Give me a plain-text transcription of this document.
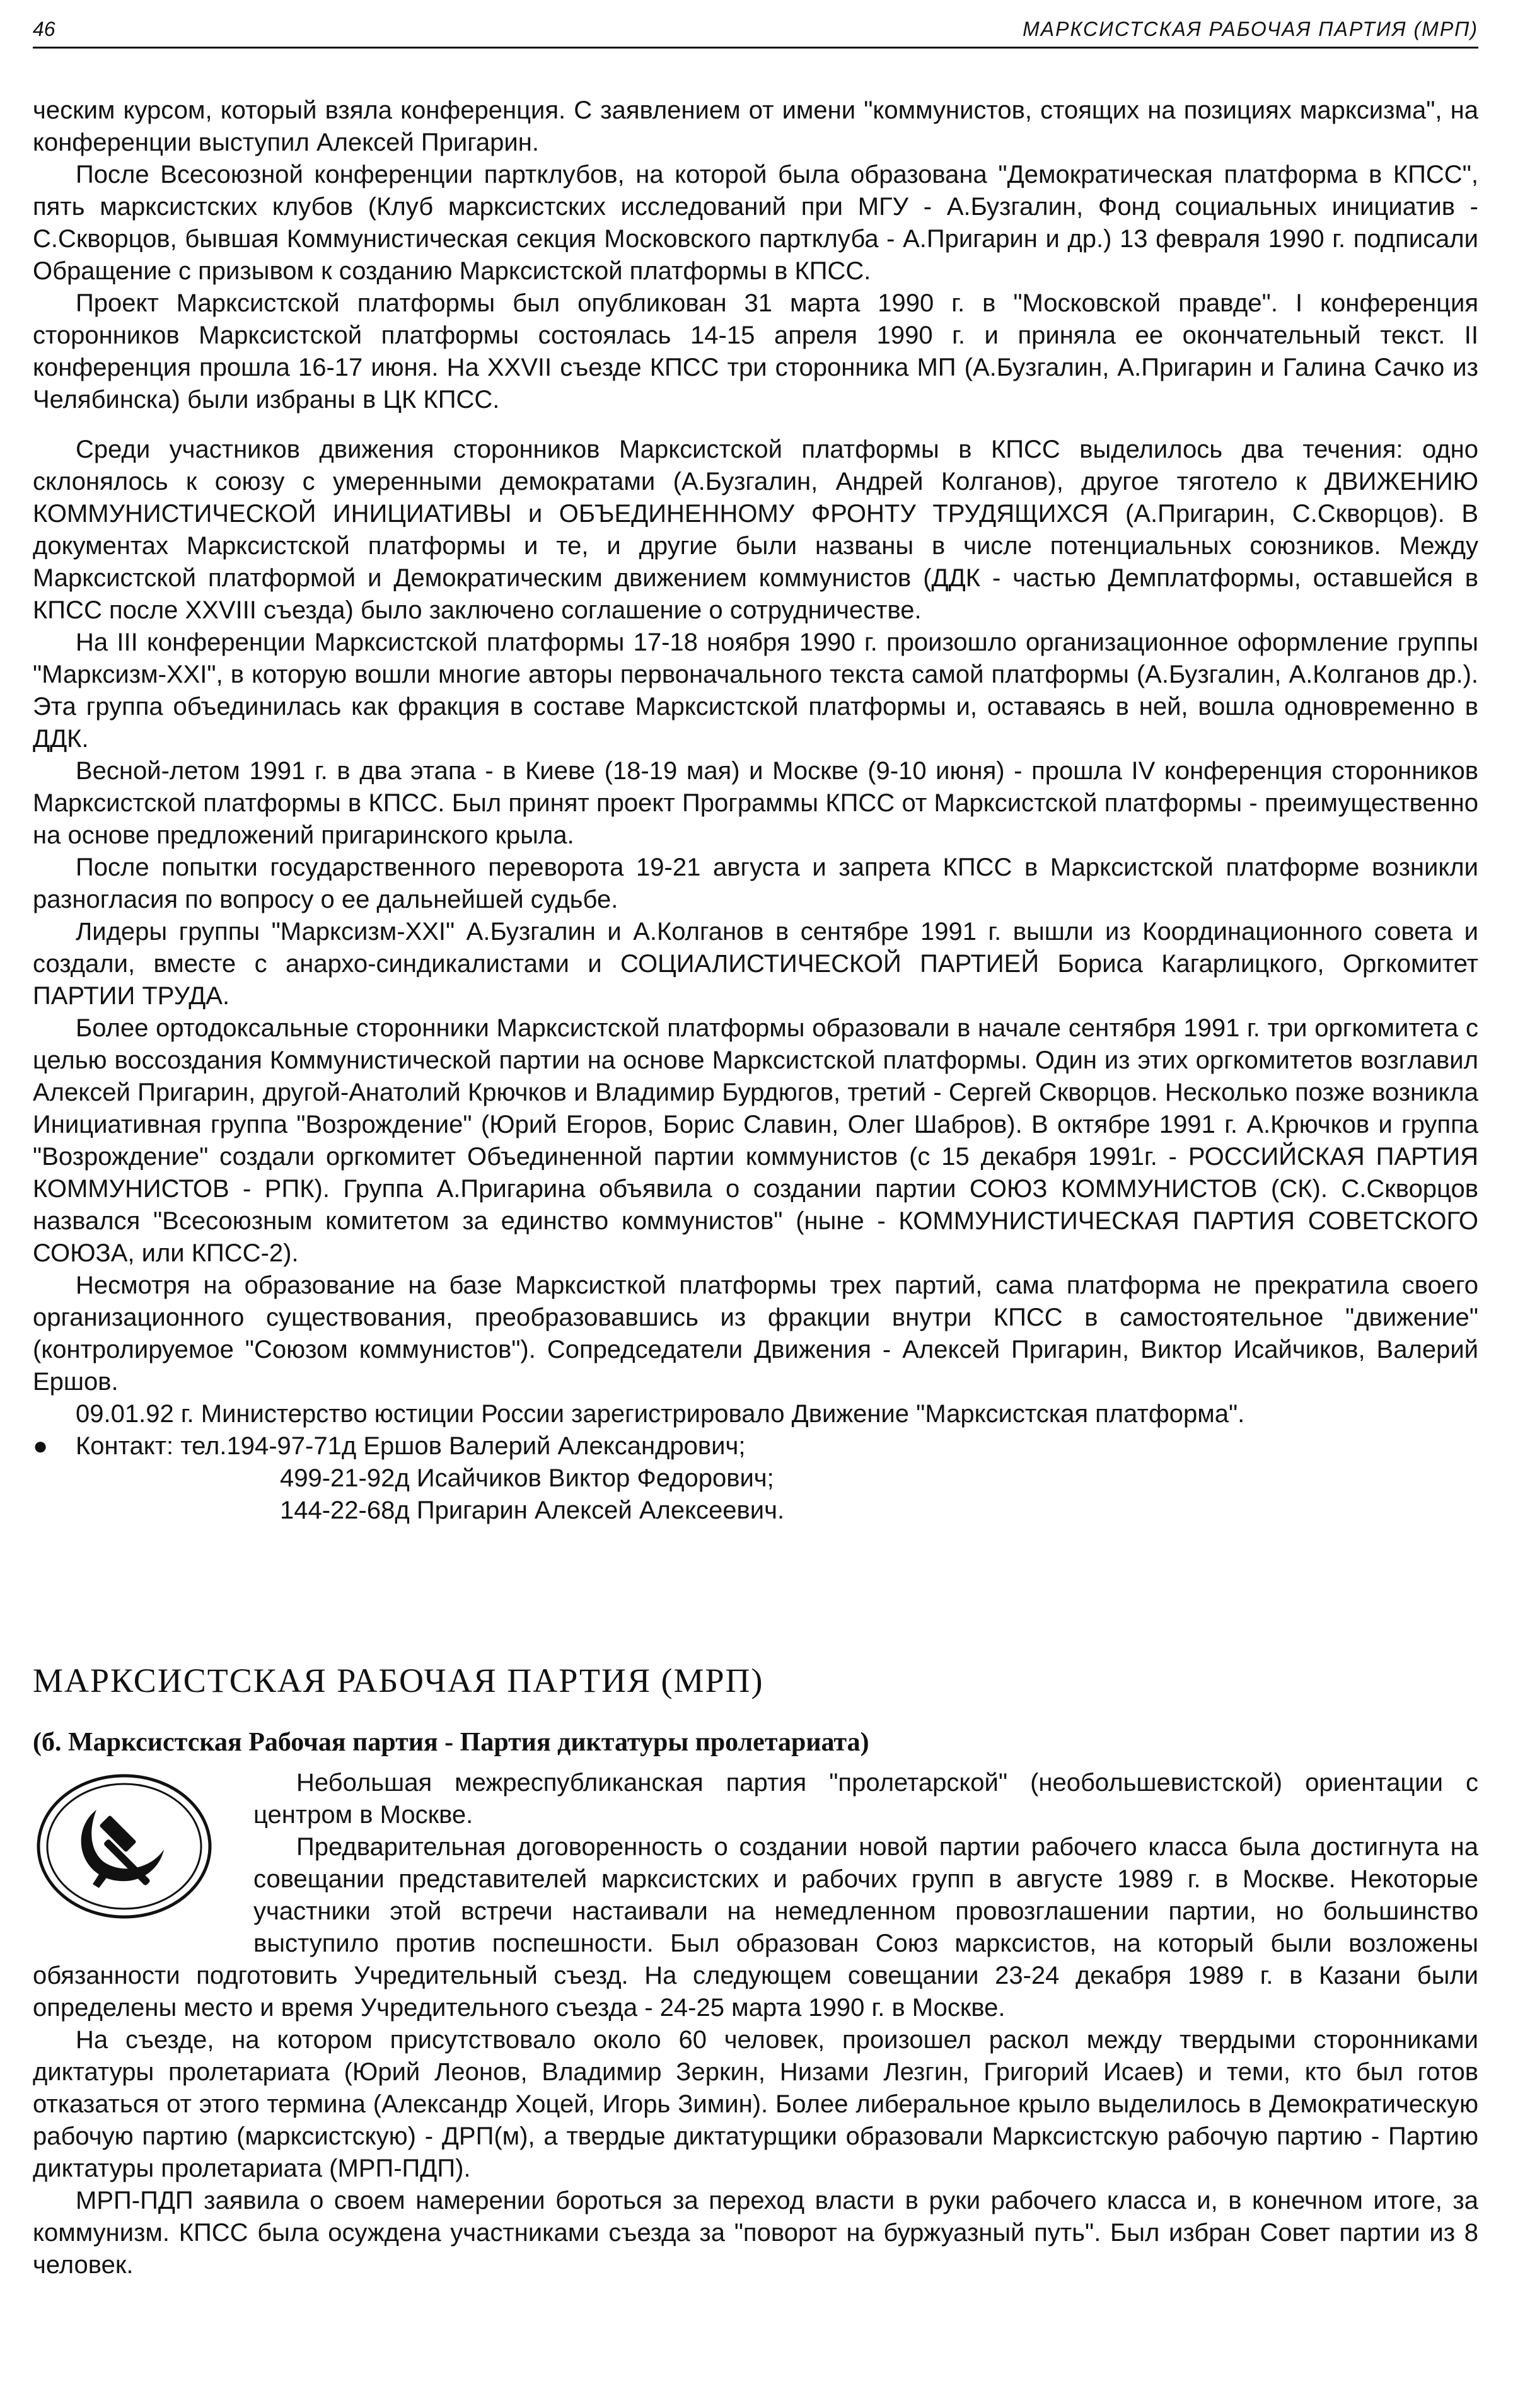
46	МАРКСИСТСКАЯ РАБОЧАЯ ПАРТИЯ (МРП)

ческим курсом, который взяла конференция. С заявлением от имени "коммунистов, стоящих на позициях марксизма", на конференции выступил Алексей Пригарин.

После Всесоюзной конференции партклубов, на которой была образована "Демократическая платформа в КПСС", пять марксистских клубов (Клуб марксистских исследований при МГУ - А.Бузгалин, Фонд социальных инициатив - С.Скворцов, бывшая Коммунистическая секция Московского партклуба - А.Пригарин и др.) 13 февраля 1990 г. подписали Обращение с призывом к созданию Марксистской платформы в КПСС.

Проект Марксистской платформы был опубликован 31 марта 1990 г. в "Московской правде". I конференция сторонников Марксистской платформы состоялась 14-15 апреля 1990 г. и приняла ее окончательный текст. II конференция прошла 16-17 июня. На XXVII съезде КПСС три сторонника МП (А.Бузгалин, А.Пригарин и Галина Сачко из Челябинска) были избраны в ЦК КПСС.

Среди участников движения сторонников Марксистской платформы в КПСС выделилось два течения: одно склонялось к союзу с умеренными демократами (А.Бузгалин, Андрей Колганов), другое тяготело к ДВИЖЕНИЮ КОММУНИСТИЧЕСКОЙ ИНИЦИАТИВЫ и ОБЪЕДИНЕННОМУ ФРОНТУ ТРУДЯЩИХСЯ (А.Пригарин, С.Скворцов). В документах Марксистской платформы и те, и другие были названы в числе потенциальных союзников. Между Марксистской платформой и Демократическим движением коммунистов (ДДК - частью Демплатформы, оставшейся в КПСС после XXVIII съезда) было заключено соглашение о сотрудничестве.

На III конференции Марксистской платформы 17-18 ноября 1990 г. произошло организационное оформление группы "Марксизм-XXI", в которую вошли многие авторы первоначального текста самой платформы (А.Бузгалин, А.Колганов др.). Эта группа объединилась как фракция в составе Марксистской платформы и, оставаясь в ней, вошла одновременно в ДДК.

Весной-летом 1991 г. в два этапа - в Киеве (18-19 мая) и Москве (9-10 июня) - прошла IV конференция сторонников Марксистской платформы в КПСС. Был принят проект Программы КПСС от Марксистской платформы - преимущественно на основе предложений пригаринского крыла.

После попытки государственного переворота 19-21 августа и запрета КПСС в Марксистской платформе возникли разногласия по вопросу о ее дальнейшей судьбе.

Лидеры группы "Марксизм-XXI" А.Бузгалин и А.Колганов в сентябре 1991 г. вышли из Координационного совета и создали, вместе с анархо-синдикалистами и СОЦИАЛИСТИЧЕСКОЙ ПАРТИЕЙ Бориса Кагарлицкого, Оргкомитет ПАРТИИ ТРУДА.

Более ортодоксальные сторонники Марксистской платформы образовали в начале сентября 1991 г. три оргкомитета с целью воссоздания Коммунистической партии на основе Марксистской платформы. Один из этих оргкомитетов возглавил Алексей Пригарин, другой-Анатолий Крючков и Владимир Бурдюгов, третий - Сергей Скворцов. Несколько позже возникла Инициативная группа "Возрождение" (Юрий Егоров, Борис Славин, Олег Шабров). В октябре 1991 г. А.Крючков и группа "Возрождение" создали оргкомитет Объединенной партии коммунистов (с 15 декабря 1991г. - РОССИЙСКАЯ ПАРТИЯ КОММУНИСТОВ - РПК). Группа А.Пригарина объявила о создании партии СОЮЗ КОММУНИСТОВ (СК). С.Скворцов назвался "Всесоюзным комитетом за единство коммунистов" (ныне - КОММУНИСТИЧЕСКАЯ ПАРТИЯ СОВЕТСКОГО СОЮЗА, или КПСС-2).

Несмотря на образование на базе Марксисткой платформы трех партий, сама платформа не прекратила своего организационного существования, преобразовавшись из фракции внутри КПСС в самостоятельное "движение" (контролируемое "Союзом коммунистов"). Сопредседатели Движения - Алексей Пригарин, Виктор Исайчиков, Валерий Ершов.

09.01.92 г. Министерство юстиции России зарегистрировало Движение "Марксистская платформа".

●	Контакт: тел. 194-97-71д Ершов Валерий Александрович;
499-21-92д Исайчиков Виктор Федорович;
144-22-68д Пригарин Алексей Алексеевич.
МАРКСИСТСКАЯ РАБОЧАЯ ПАРТИЯ (МРП)
(б. Марксистская Рабочая партия - Партия диктатуры пролетариата)

Небольшая межреспубликанская партия "пролетарской" (необольшевистской) ориентации с центром в Москве.

Предварительная договоренность о создании новой партии рабочего класса была достигнута на совещании представителей марксистских и рабочих групп в августе 1989 г. в Москве. Некоторые участники этой встречи настаивали на немедленном провозглашении партии, но большинство выступило против поспешности. Был образован Союз марксистов, на который были возложены обязанности подготовить Учредительный съезд. На следующем совещании 23-24 декабря 1989 г. в Казани были определены место и время Учредительного съезда - 24-25 марта 1990 г. в Москве.

На съезде, на котором присутствовало около 60 человек, произошел раскол между твердыми сторонниками диктатуры пролетариата (Юрий Леонов, Владимир Зеркин, Низами Лезгин, Григорий Исаев) и теми, кто был готов отказаться от этого термина (Александр Хоцей, Игорь Зимин). Более либеральное крыло выделилось в Демократическую рабочую партию (марксистскую) - ДРП(м), а твердые диктатурщики образовали Марксистскую рабочую партию - Партию диктатуры пролетариата (МРП-ПДП).

МРП-ПДП заявила о своем намерении бороться за переход власти в руки рабочего класса и, в конечном итоге, за коммунизм. КПСС была осуждена участниками съезда за "поворот на буржуазный путь". Был избран Совет партии из 8 человек.
